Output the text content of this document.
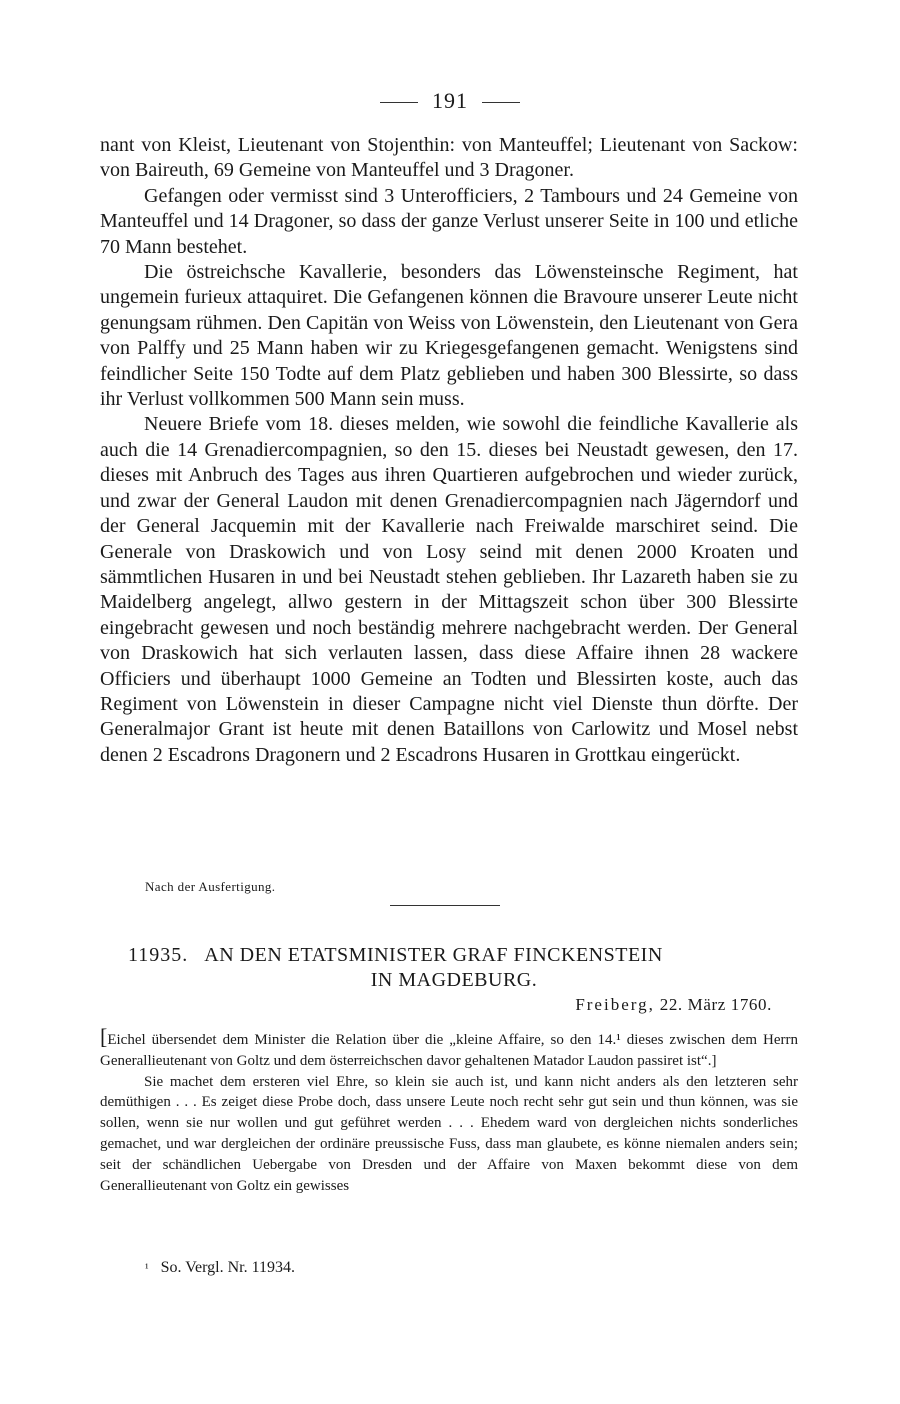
191

nant von Kleist, Lieutenant von Stojenthin: von Manteuffel; Lieutenant von Sackow: von Baireuth, 69 Gemeine von Manteuffel und 3 Dragoner.

Gefangen oder vermisst sind 3 Unterofficiers, 2 Tambours und 24 Gemeine von Manteuffel und 14 Dragoner, so dass der ganze Verlust unserer Seite in 100 und etliche 70 Mann bestehet.

Die östreichsche Kavallerie, besonders das Löwensteinsche Regiment, hat ungemein furieux attaquiret. Die Gefangenen können die Bravoure unserer Leute nicht genungsam rühmen. Den Capitän von Weiss von Löwenstein, den Lieutenant von Gera von Palffy und 25 Mann haben wir zu Kriegesgefangenen gemacht. Wenigstens sind feindlicher Seite 150 Todte auf dem Platz geblieben und haben 300 Blessirte, so dass ihr Verlust vollkommen 500 Mann sein muss.

Neuere Briefe vom 18. dieses melden, wie sowohl die feindliche Kavallerie als auch die 14 Grenadiercompagnien, so den 15. dieses bei Neustadt gewesen, den 17. dieses mit Anbruch des Tages aus ihren Quartieren aufgebrochen und wieder zurück, und zwar der General Laudon mit denen Grenadiercompagnien nach Jägerndorf und der General Jacquemin mit der Kavallerie nach Freiwalde marschiret seind. Die Generale von Draskowich und von Losy seind mit denen 2000 Kroaten und sämmtlichen Husaren in und bei Neustadt stehen geblieben. Ihr Lazareth haben sie zu Maidelberg angelegt, allwo gestern in der Mittagszeit schon über 300 Blessirte eingebracht gewesen und noch beständig mehrere nachgebracht werden. Der General von Draskowich hat sich verlauten lassen, dass diese Affaire ihnen 28 wackere Officiers und überhaupt 1000 Gemeine an Todten und Blessirten koste, auch das Regiment von Löwenstein in dieser Campagne nicht viel Dienste thun dörfte. Der Generalmajor Grant ist heute mit denen Bataillons von Carlowitz und Mosel nebst denen 2 Escadrons Dragonern und 2 Escadrons Husaren in Grottkau eingerückt.

Nach der Ausfertigung.
11935. AN DEN ETATSMINISTER GRAF FINCKENSTEIN
IN MAGDEBURG.
Freiberg, 22. März 1760.

[Eichel übersendet dem Minister die Relation über die „kleine Affaire, so den 14.¹ dieses zwischen dem Herrn Generallieutenant von Goltz und dem österreichschen davor gehaltenen Matador Laudon passiret ist“.]

Sie machet dem ersteren viel Ehre, so klein sie auch ist, und kann nicht anders als den letzteren sehr demüthigen . . . Es zeiget diese Probe doch, dass unsere Leute noch recht sehr gut sein und thun können, was sie sollen, wenn sie nur wollen und gut geführet werden . . . Ehedem ward von dergleichen nichts sonderliches gemachet, und war dergleichen der ordinäre preussische Fuss, dass man glaubete, es könne niemalen anders sein; seit der schändlichen Uebergabe von Dresden und der Affaire von Maxen bekommt diese von dem Generallieutenant von Goltz ein gewisses

¹ So. Vergl. Nr. 11934.
